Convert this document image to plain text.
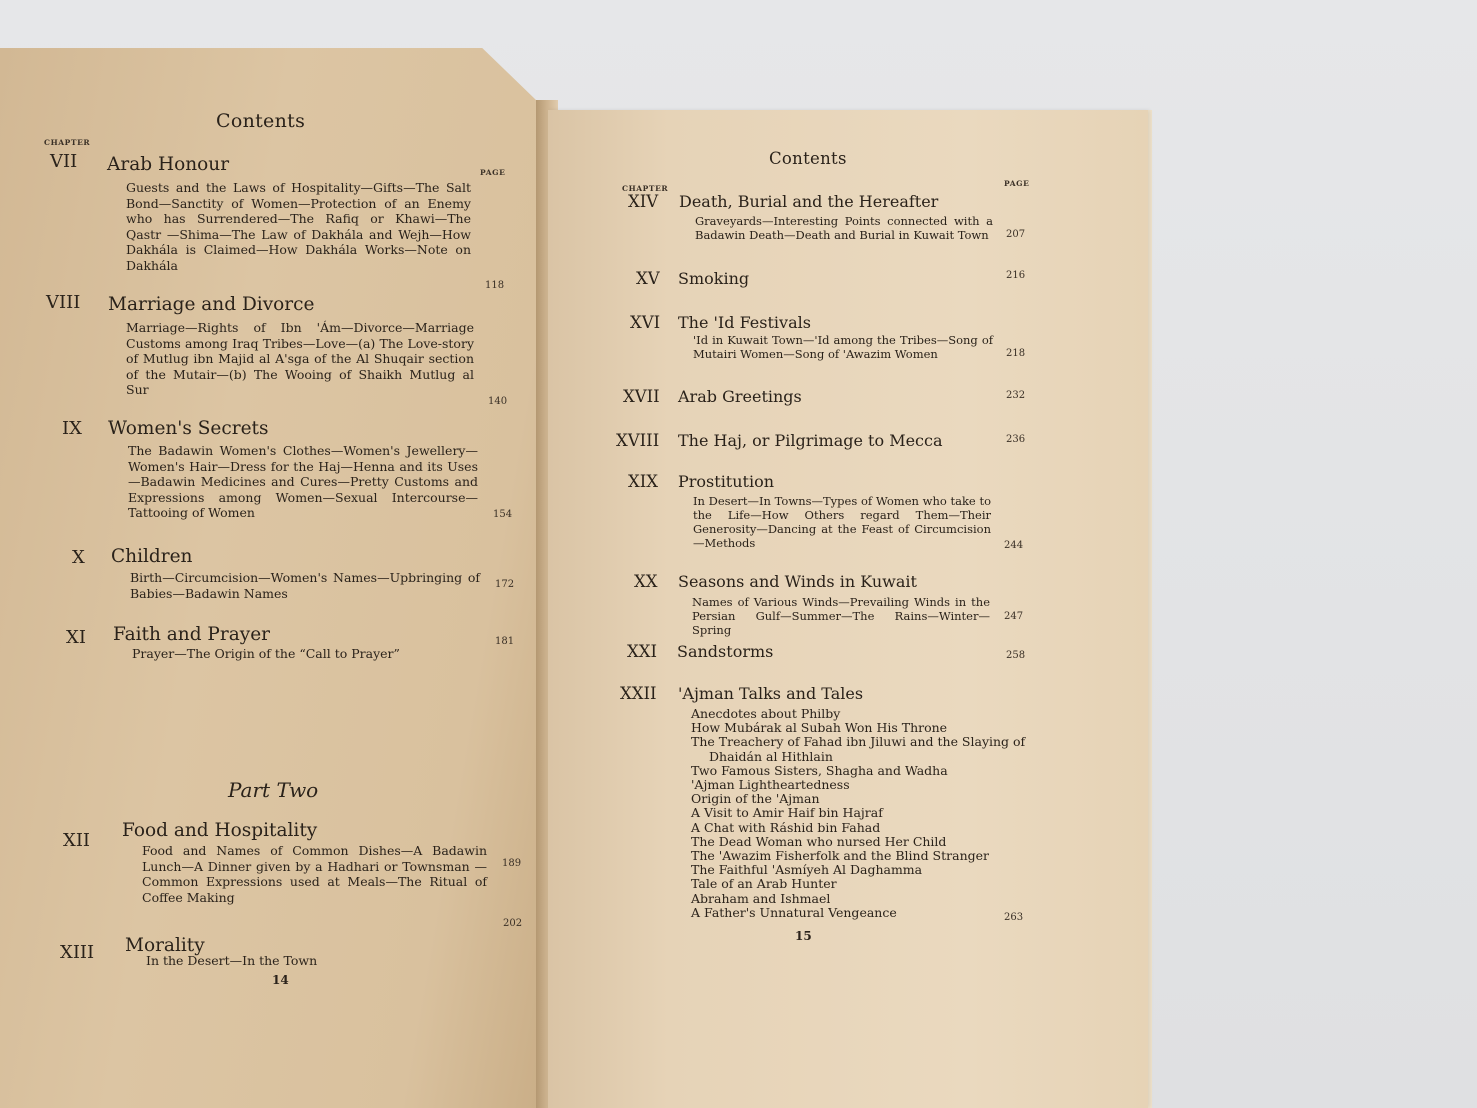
Contents
CHAPTER
PAGE
VII Arab Honour
Guests and the Laws of Hospitality—Gifts—The Salt Bond—Sanctity of Women—Protection of an Enemy who has Surrendered—The Rafiq or Khawi—The Qastr —Shima—The Law of Dakhála and Wejh—How Dakhála is Claimed—How Dakhála Works—Note on Dakhála
118
VIII Marriage and Divorce
Marriage—Rights of Ibn 'Ám—Divorce—Marriage Customs among Iraq Tribes—Love—(a) The Love-story of Mutlug ibn Majid al A'sga of the Al Shuqair section of the Mutair—(b) The Wooing of Shaikh Mutlug al Sur
140
IX Women's Secrets
The Badawin Women's Clothes—Women's Jewellery—Women's Hair—Dress for the Haj—Henna and its Uses —Badawin Medicines and Cures—Pretty Customs and Expressions among Women—Sexual Intercourse—Tattooing of Women	154
X Children
Birth—Circumcision—Women's Names—Upbringing of Babies—Badawin Names
172
XI Faith and Prayer
Prayer—The Origin of the “Call to Prayer”
181
Part Two
XII Food and Hospitality
Food and Names of Common Dishes—A Badawin Lunch—A Dinner given by a Hadhari or Townsman —Common Expressions used at Meals—The Ritual of Coffee Making
189
XIII Morality
In the Desert—In the Town
202
14
Contents
CHAPTER
PAGE
XIV Death, Burial and the Hereafter
Graveyards—Interesting Points connected with a Badawin Death—Death and Burial in Kuwait Town	207
XV Smoking	216
XVI The 'Id Festivals
'Id in Kuwait Town—'Id among the Tribes—Song of Mutairi Women—Song of 'Awazim Women	218
XVII Arab Greetings	232
XVIII The Haj, or Pilgrimage to Mecca	236
XIX Prostitution
In Desert—In Towns—Types of Women who take to the Life—How Others regard Them—Their Generosity—Dancing at the Feast of Circumcision—Methods	244
XX Seasons and Winds in Kuwait
Names of Various Winds—Prevailing Winds in the Persian Gulf—Summer—The Rains—Winter—Spring
247
XXI Sandstorms	258
XXII 'Ajman Talks and Tales
Anecdotes about Philby
How Mubárak al Subah Won His Throne
The Treachery of Fahad ibn Jiluwi and the Slaying of
Dhaidán al Hithlain
Two Famous Sisters, Shagha and Wadha
'Ajman Lightheartedness
Origin of the 'Ajman
A Visit to Amir Haif bin Hajraf
A Chat with Ráshid bin Fahad
The Dead Woman who nursed Her Child
The 'Awazim Fisherfolk and the Blind Stranger
The Faithful 'Asmíyeh Al Daghamma
Tale of an Arab Hunter
Abraham and Ishmael
A Father's Unnatural Vengeance	263
15
